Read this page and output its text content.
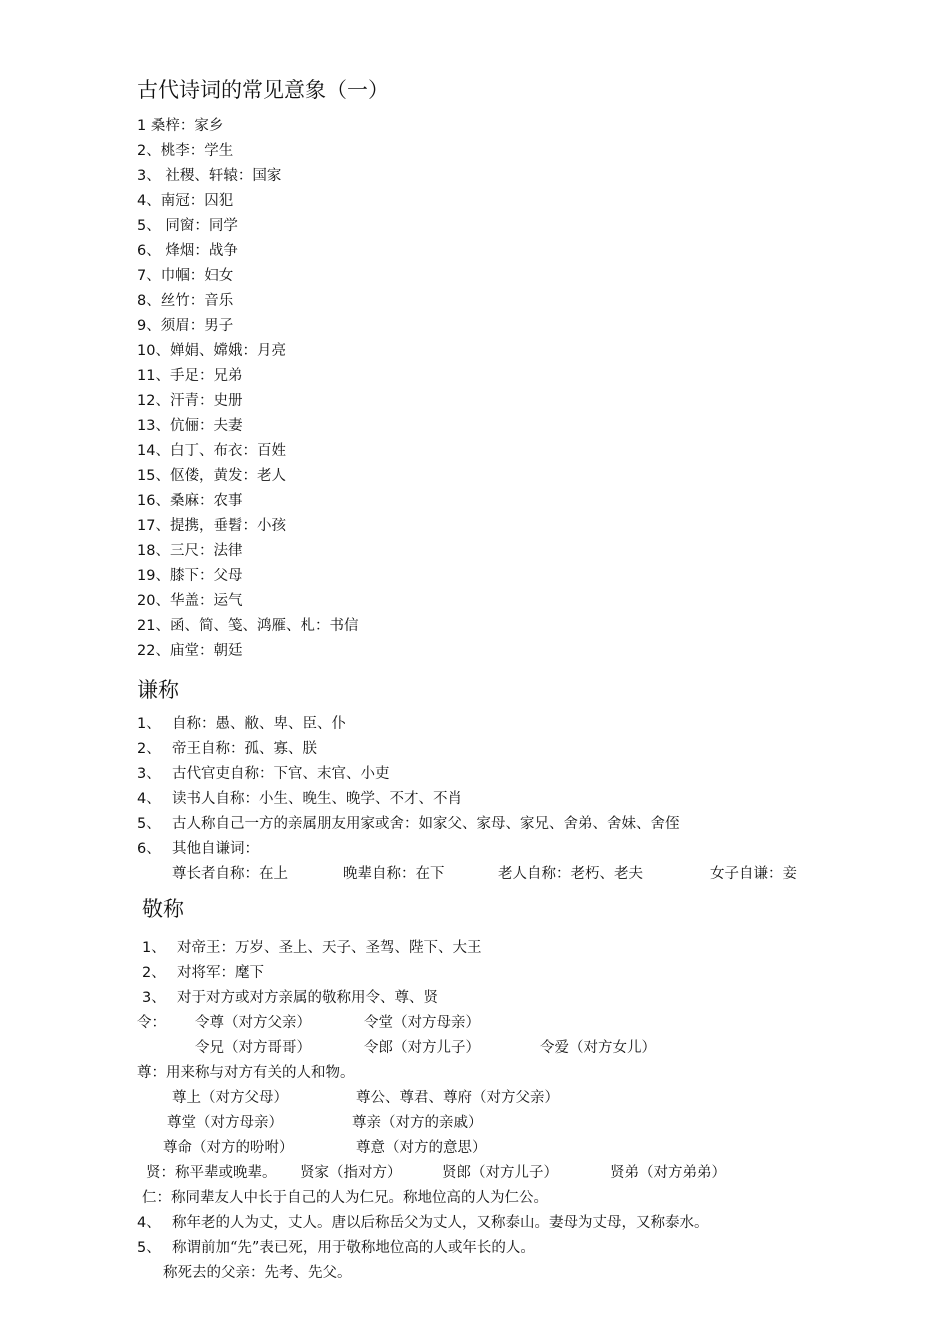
古代诗词的常见意象（一）
1 桑梓：家乡
2、桃李：学生
3、 社稷、轩辕：国家
4、南冠：囚犯
5、 同窗：同学
6、 烽烟：战争
7、巾帼：妇女
8、丝竹：音乐
9、须眉：男子
10、婵娟、嫦娥：月亮
11、手足：兄弟
12、汗青：史册
13、伉俪：夫妻
14、白丁、布衣：百姓
15、伛偻，黄发：老人
16、桑麻：农事
17、提携，垂髫：小孩
18、三尺：法律
19、膝下：父母
20、华盖：运气
21、函、简、笺、鸿雁、札：书信
22、庙堂：朝廷
谦称
1、 自称：愚、敝、卑、臣、仆
2、 帝王自称：孤、寡、朕
3、 古代官吏自称：下官、末官、小吏
4、 读书人自称：小生、晚生、晚学、不才、不肖
5、 古人称自己一方的亲属朋友用家或舍：如家父、家母、家兄、舍弟、舍妹、舍侄
6、 其他自谦词：
尊长者自称：在上	晚辈自称：在下	老人自称：老朽、老夫	女子自谦：妾
敬称
1、 对帝王：万岁、圣上、天子、圣驾、陛下、大王
2、 对将军：麾下
3、 对于对方或对方亲属的敬称用令、尊、贤
令： 令尊（对方父亲）	令堂（对方母亲）
令兄（对方哥哥）	令郎（对方儿子）	令爱（对方女儿）
尊：用来称与对方有关的人和物。
尊上（对方父母）	尊公、尊君、尊府（对方父亲）
尊堂（对方母亲）	尊亲（对方的亲戚）
尊命（对方的吩咐）	尊意（对方的意思）
贤：称平辈或晚辈。 贤家（指对方）	贤郎（对方儿子）	贤弟（对方弟弟）
仁：称同辈友人中长于自己的人为仁兄。称地位高的人为仁公。
4、 称年老的人为丈，丈人。唐以后称岳父为丈人，又称泰山。妻母为丈母，又称泰水。
5、 称谓前加“先”表已死，用于敬称地位高的人或年长的人。
称死去的父亲：先考、先父。
